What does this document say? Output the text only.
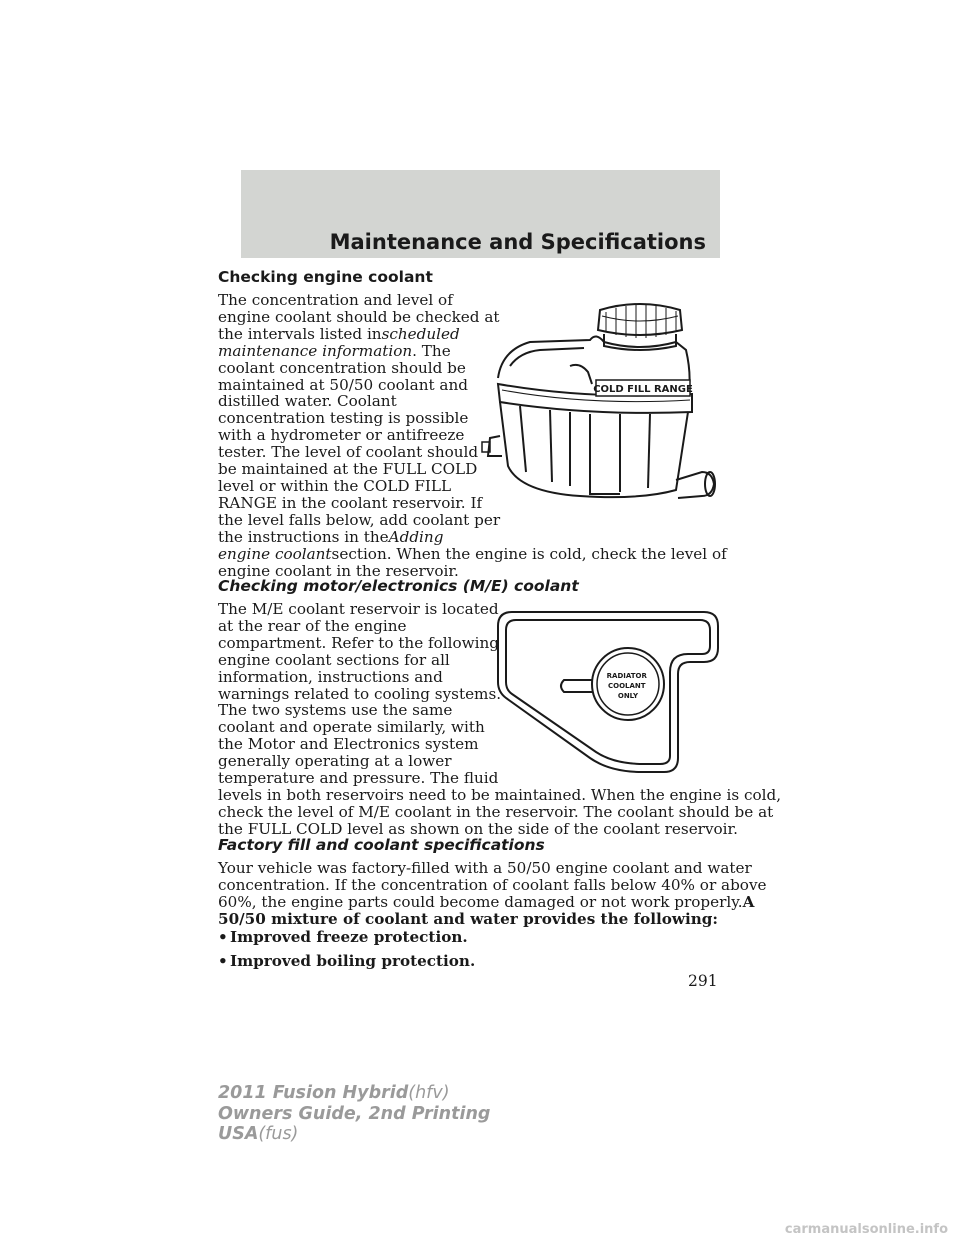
Maintenance and Specifications
Checking engine coolant
The concentration and level of
engine coolant should be checked at
the intervals listed inscheduled
maintenance information. The
coolant concentration should be
maintained at 50/50 coolant and
distilled water. Coolant
concentration testing is possible
with a hydrometer or antifreeze
tester. The level of coolant should
be maintained at the FULL COLD
level or within the COLD FILL
RANGE in the coolant reservoir. If
the level falls below, add coolant per
the instructions in theAdding
engine coolantsection. When the engine is cold, check the level of
engine coolant in the reservoir.
COLD FILL RANGE
Checking motor/electronics (M/E) coolant
The M/E coolant reservoir is located
at the rear of the engine
compartment. Refer to the following
engine coolant sections for all
information, instructions and
warnings related to cooling systems.
The two systems use the same
coolant and operate similarly, with
the Motor and Electronics system
generally operating at a lower
temperature and pressure. The fluid
levels in both reservoirs need to be maintained. When the engine is cold,
check the level of M/E coolant in the reservoir. The coolant should be at
the FULL COLD level as shown on the side of the coolant reservoir.
RADIATOR COOLANT ONLY
Factory fill and coolant specifications
Your vehicle was factory-filled with a 50/50 engine coolant and water
concentration. If the concentration of coolant falls below 40% or above
60%, the engine parts could become damaged or not work properly.A
50/50 mixture of coolant and water provides the following:
• Improved freeze protection.
• Improved boiling protection.
291
2011 Fusion Hybrid(hfv)
Owners Guide, 2nd Printing
USA(fus)
carmanualsonline.info
